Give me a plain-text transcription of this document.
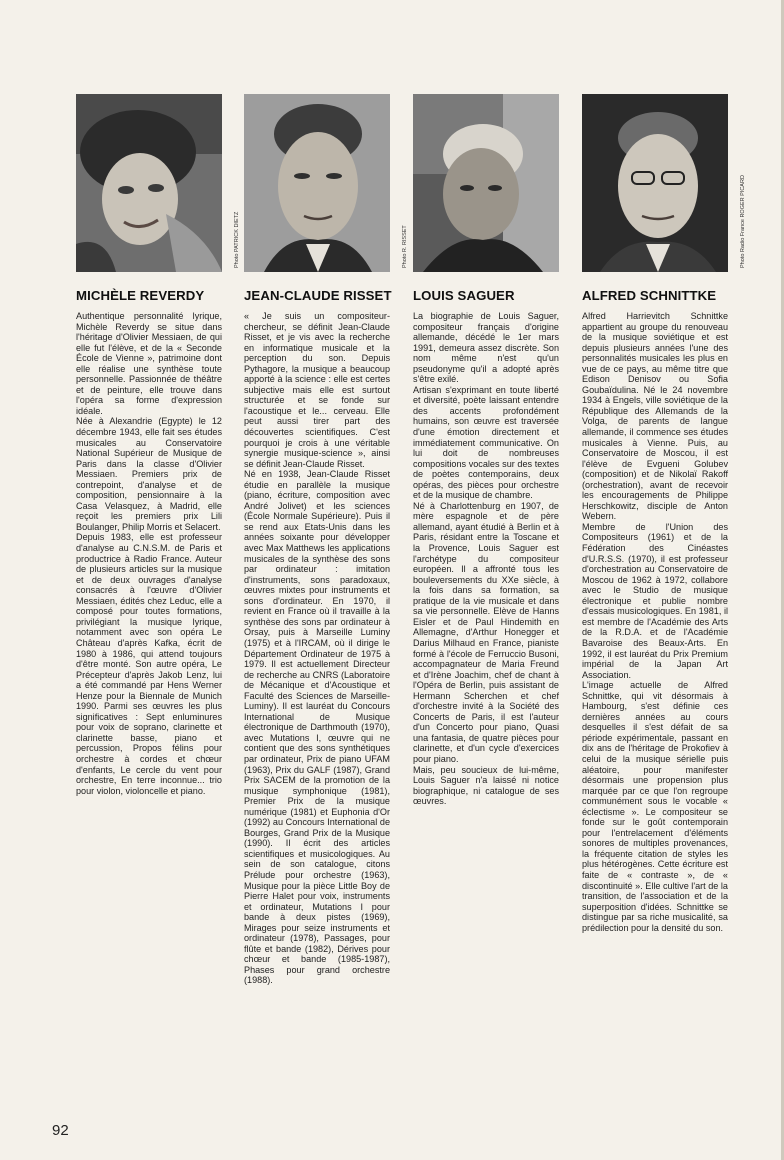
Photo PATRICK DIETZ
MICHÈLE REVERDY

Authentique personnalité lyrique, Michèle Reverdy se situe dans l'héritage d'Olivier Messiaen, de qui elle fut l'élève, et de la « Seconde École de Vienne », patrimoine dont elle réalise une synthèse toute personnelle. Passionnée de théâtre et de peinture, elle trouve dans l'opéra sa forme d'expression idéale.

Née à Alexandrie (Egypte) le 12 décembre 1943, elle fait ses études musicales au Conservatoire National Supérieur de Musique de Paris dans la classe d'Olivier Messiaen. Premiers prix de contrepoint, d'analyse et de composition, pensionnaire à la Casa Velasquez, à Madrid, elle reçoit les premiers prix Lili Boulanger, Philip Morris et Selacert.

Depuis 1983, elle est professeur d'analyse au C.N.S.M. de Paris et productrice à Radio France. Auteur de plusieurs articles sur la musique et de deux ouvrages d'analyse consacrés à l'œuvre d'Olivier Messiaen, édités chez Leduc, elle a composé pour toutes formations, privilégiant la musique lyrique, notamment avec son opéra Le Château d'après Kafka, écrit de 1980 à 1986, qui attend toujours d'être monté. Son autre opéra, Le Précepteur d'après Jakob Lenz, lui a été commandé par Hens Werner Henze pour la Biennale de Munich 1990. Parmi ses œuvres les plus significatives : Sept enluminures pour voix de soprano, clarinette et clarinette basse, piano et percussion, Propos félins pour orchestre à cordes et chœur d'enfants, Le cercle du vent pour orchestre, En terre inconnue... trio pour violon, violoncelle et piano.

Photo R. RISSET
JEAN-CLAUDE RISSET

« Je suis un compositeur-chercheur, se définit Jean-Claude Risset, et je vis avec la recherche en informatique musicale et la perception du son. Depuis Pythagore, la musique a beaucoup apporté à la science : elle est certes subjective mais elle est surtout structurée et se fonde sur l'acoustique et le... cerveau. Elle peut aussi tirer part des découvertes scientifiques. C'est pourquoi je crois à une véritable synergie musique-science », ainsi se définit Jean-Claude Risset.

Né en 1938, Jean-Claude Risset étudie en parallèle la musique (piano, écriture, composition avec André Jolivet) et les sciences (École Normale Supérieure). Puis il se rend aux Etats-Unis dans les années soixante pour développer avec Max Matthews les applications musicales de la synthèse des sons par ordinateur : imitation d'instruments, sons paradoxaux, œuvres mixtes pour instruments et sons d'ordinateur. En 1970, il revient en France où il travaille à la synthèse des sons par ordinateur à Orsay, puis à Marseille Luminy (1975) et à l'IRCAM, où il dirige le Département Ordinateur de 1975 à 1979. Il est actuellement Directeur de recherche au CNRS (Laboratoire de Mécanique et d'Acoustique et Faculté des Sciences de Marseille-Luminy). Il est lauréat du Concours International de Musique électronique de Darthmouth (1970), avec Mutations I, œuvre qui ne contient que des sons synthétiques par ordinateur, Prix de piano UFAM (1963), Prix du GALF (1987), Grand Prix SACEM de la promotion de la musique symphonique (1981), Premier Prix de la musique numérique (1981) et Euphonia d'Or (1992) au Concours International de Bourges, Grand Prix de la Musique (1990). Il écrit des articles scientifiques et musicologiques. Au sein de son catalogue, citons Prélude pour orchestre (1963), Musique pour la pièce Little Boy de Pierre Halet pour voix, instruments et ordinateur, Mutations I pour bande à deux pistes (1969), Mirages pour seize instruments et ordinateur (1978), Passages, pour flûte et bande (1982), Dérives pour chœur et bande (1985-1987), Phases pour grand orchestre (1988).

LOUIS SAGUER

La biographie de Louis Saguer, compositeur français d'origine allemande, décédé le 1er mars 1991, demeura assez discrète. Son nom même n'est qu'un pseudonyme qu'il a adopté après s'être exilé.

Artisan s'exprimant en toute liberté et diversité, poète laissant entendre des accents profondément humains, son œuvre est traversée d'une émotion directement et immédiatement communicative. On lui doit de nombreuses compositions vocales sur des textes de poètes contemporains, deux opéras, des pièces pour orchestre et de la musique de chambre.

Né à Charlottenburg en 1907, de mère espagnole et de père allemand, ayant étudié à Berlin et à Paris, résidant entre la Toscane et la Provence, Louis Saguer est l'archétype du compositeur européen. Il a affronté tous les bouleversements du XXe siècle, à la fois dans sa formation, sa pratique de la vie musicale et dans sa vie personnelle. Elève de Hanns Eisler et de Paul Hindemith en Allemagne, d'Arthur Honegger et Darius Milhaud en France, pianiste formé à l'école de Ferruccio Busoni, accompagnateur de Maria Freund et d'Irène Joachim, chef de chant à l'Opéra de Berlin, puis assistant de Hermann Scherchen et chef d'orchestre invité à la Société des Concerts de Paris, il est l'auteur d'un Concerto pour piano, Quasi una fantasia, de quatre pièces pour clarinette, et d'un cycle d'exercices pour piano.

Mais, peu soucieux de lui-même, Louis Saguer n'a laissé ni notice biographique, ni catalogue de ses œuvres.

Photo Radio France ROGER PICARD
ALFRED SCHNITTKE

Alfred Harrievitch Schnittke appartient au groupe du renouveau de la musique soviétique et est depuis plusieurs années l'une des personnalités musicales les plus en vue de ce pays, au même titre que Edison Denisov ou Sofia Goubaïdulina. Né le 24 novembre 1934 à Engels, ville soviétique de la République des Allemands de la Volga, de parents de langue allemande, il commence ses études musicales à Vienne. Puis, au Conservatoire de Moscou, il est l'élève de Evgueni Golubev (composition) et de Nikolaï Rakoff (orchestration), avant de recevoir les encouragements de Philippe Herschkowitz, disciple de Anton Webern.

Membre de l'Union des Compositeurs (1961) et de la Fédération des Cinéastes d'U.R.S.S. (1970), il est professeur d'orchestration au Conservatoire de Moscou de 1962 à 1972, collabore avec le Studio de musique électronique et publie nombre d'essais musicologiques. En 1981, il est membre de l'Académie des Arts de la R.D.A. et de l'Académie Bavaroise des Beaux-Arts. En 1992, il est lauréat du Prix Premium impérial de la Japan Art Association.

L'image actuelle de Alfred Schnittke, qui vit désormais à Hambourg, s'est définie ces dernières années au cours desquelles il s'est défait de sa période expérimentale, passant en dix ans de l'héritage de Prokofiev à celui de la musique sérielle puis aléatoire, pour manifester désormais une propension plus marquée par ce que l'on regroupe communément sous le vocable « éclectisme ». Le compositeur se fonde sur le goût contemporain pour l'entrelacement d'éléments sonores de multiples provenances, la fréquente citation de styles les plus hétérogènes. Cette écriture est faite de « contraste », de « discontinuité ». Elle cultive l'art de la transition, de l'association et de la superposition d'idées. Schnittke se distingue par sa riche musicalité, sa prédilection pour la densité du son.

92
